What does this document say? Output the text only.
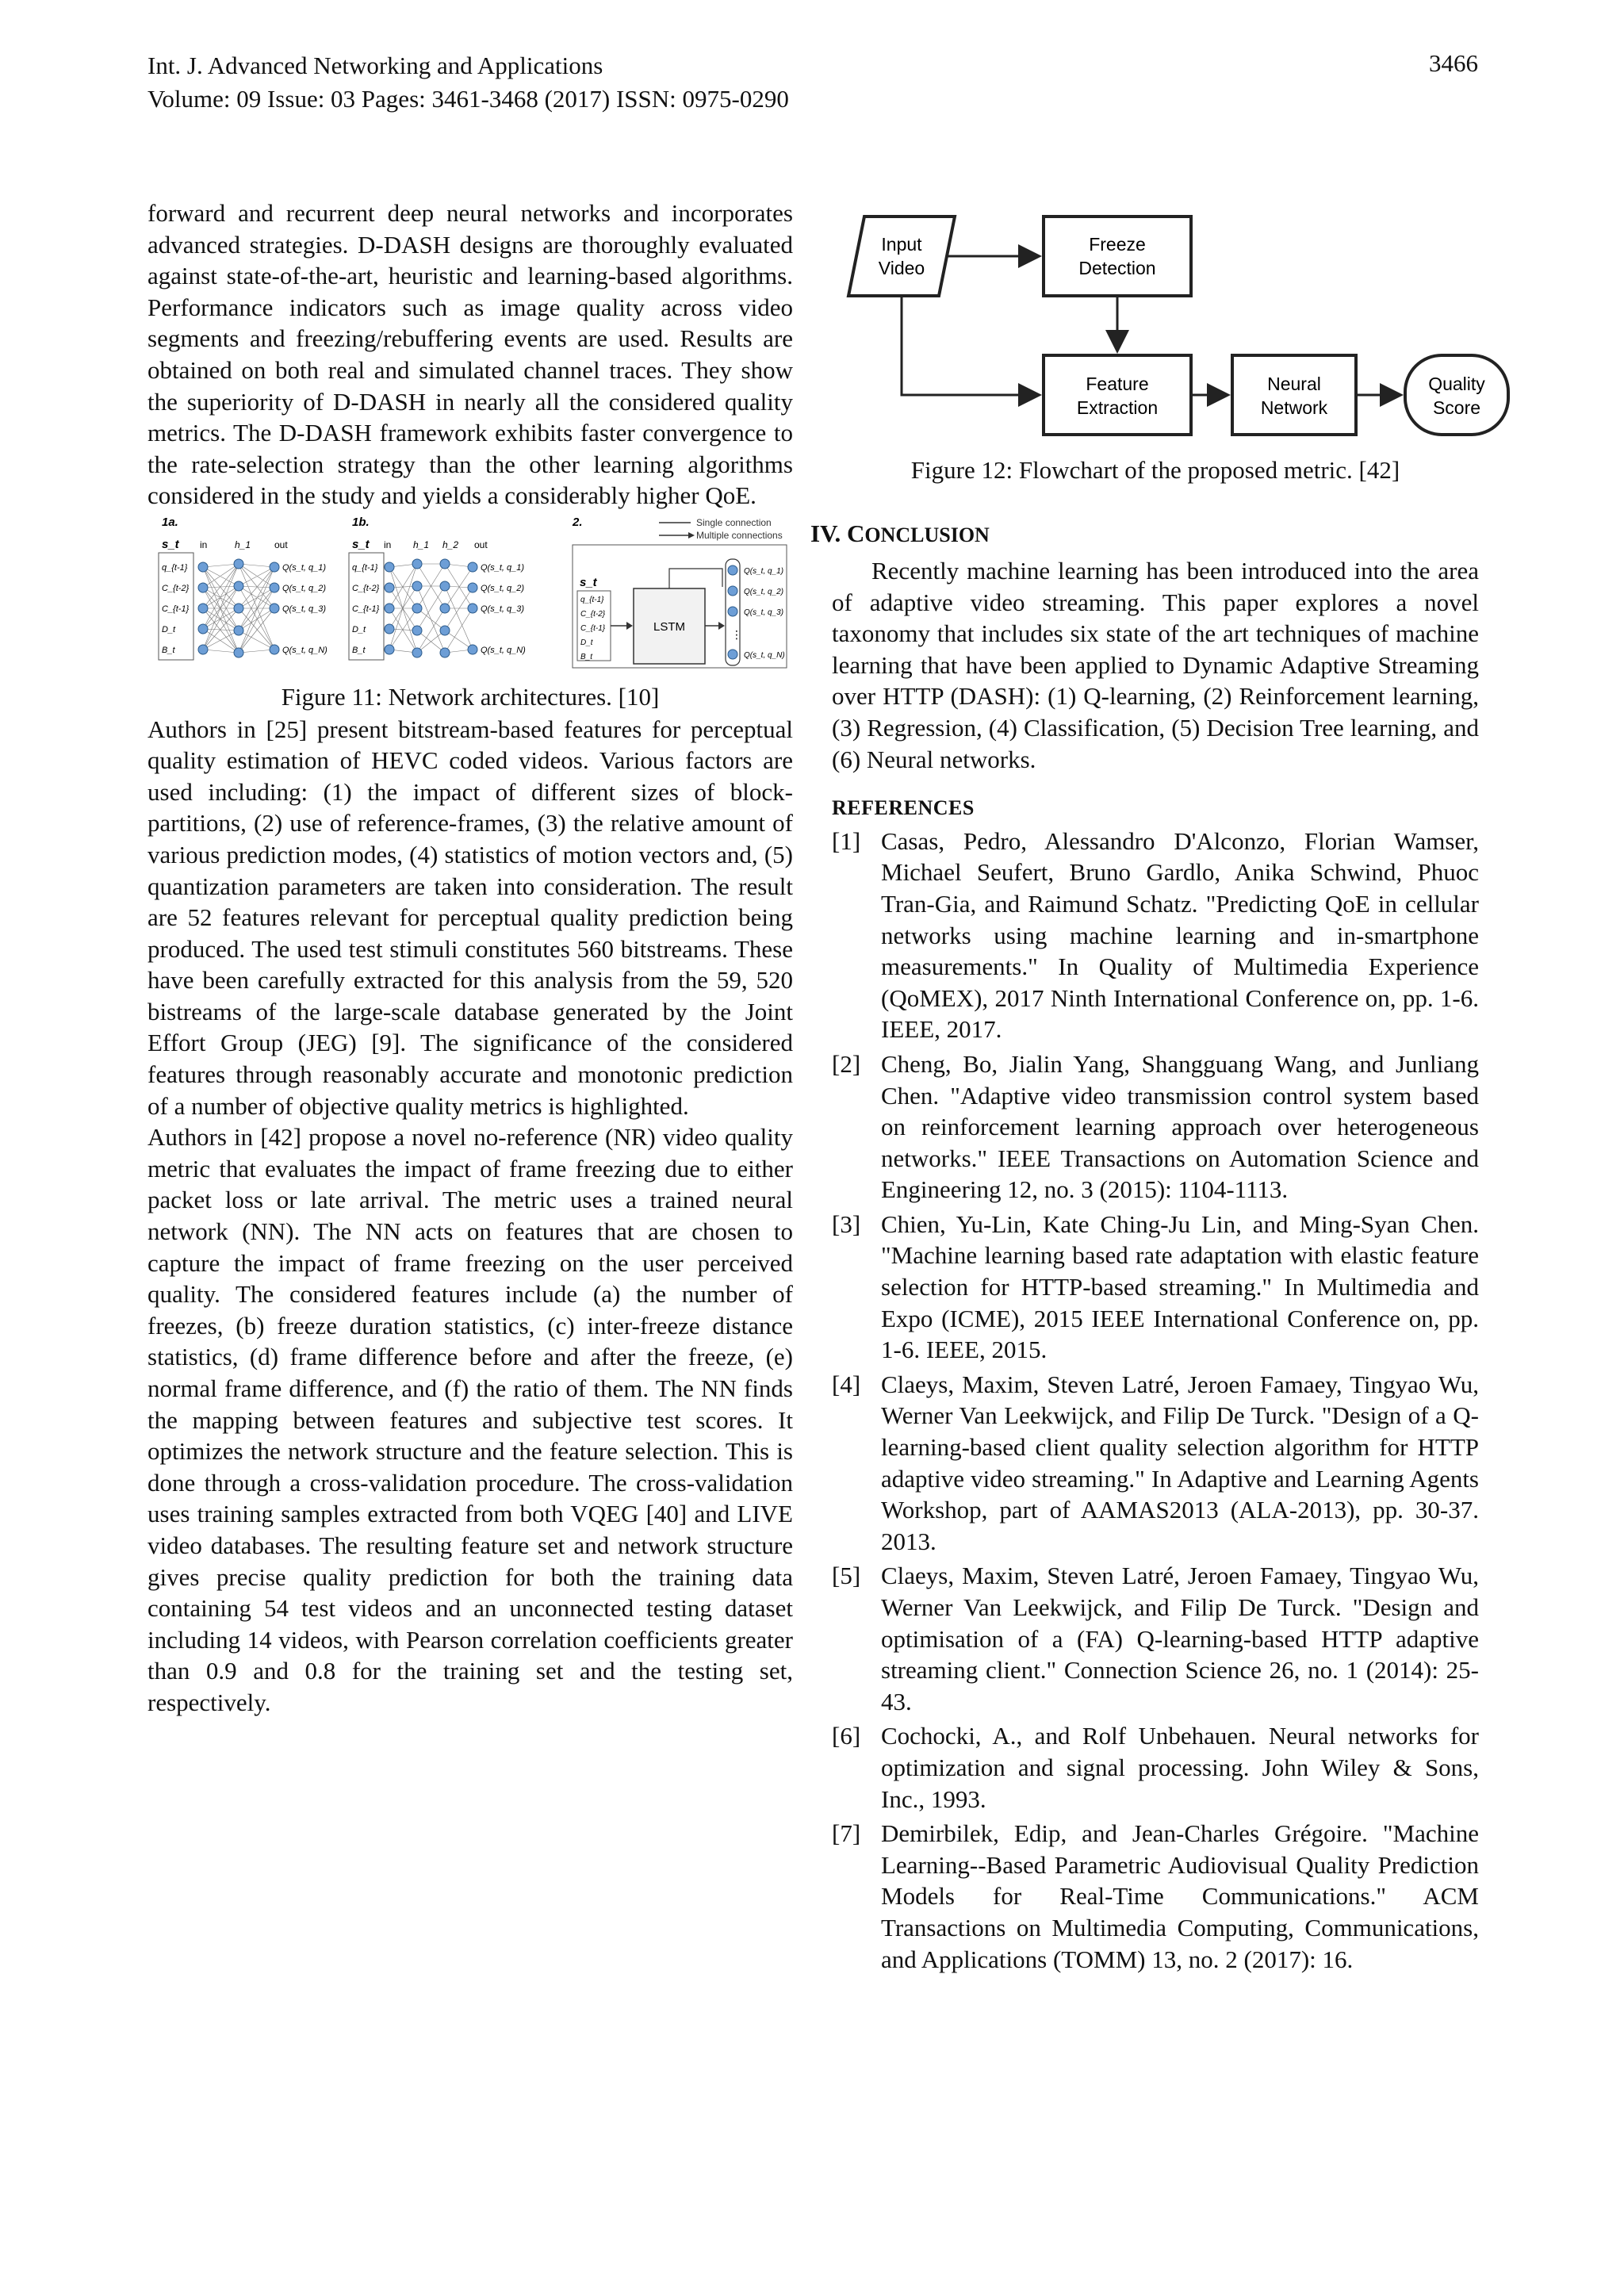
Int. J. Advanced Networking and Applications
Volume: 09 Issue: 03 Pages: 3461-3468 (2017) ISSN: 0975-0290
3466

forward and recurrent deep neural networks and incorporates advanced strategies. D-DASH designs are thoroughly evaluated against state-of-the-art, heuristic and learning-based algorithms. Performance indicators such as image quality across video segments and freezing/rebuffering events are used. Results are obtained on both real and simulated channel traces. They show the superiority of D-DASH in nearly all the considered quality metrics. The D-DASH framework exhibits faster convergence to the rate-selection strategy than the other learning algorithms considered in the study and yields a considerably higher QoE.

1a.	1b.	2.	Single connection
Multiple connections
s_t in	h_1 out
q_{t-1}
C_{t-2}
C_{t-1}
D_t
B_t
Q(s_t, q_1)
Q(s_t, q_2)
Q(s_t, q_3)
Q(s_t, q_N)
s_t in h_1 h_2 out
q_{t-1}
C_{t-2}
C_{t-1}
D_t
B_t
Q(s_t, q_1)
Q(s_t, q_2)
Q(s_t, q_3)
Q(s_t, q_N)
s_t
q_{t-1}
C_{t-2}
C_{t-1}
D_t
B_t
LSTM
⋮
Q(s_t, q_1)
Q(s_t, q_2)
Q(s_t, q_3)
Q(s_t, q_N)
Figure 11: Network architectures. [10]

Authors in [25] present bitstream-based features for perceptual quality estimation of HEVC coded videos. Various factors are used including: (1) the impact of different sizes of block-partitions, (2) use of reference-frames, (3) the relative amount of various prediction modes, (4) statistics of motion vectors and, (5) quantization parameters are taken into consideration. The result are 52 features relevant for perceptual quality prediction being produced. The used test stimuli constitutes 560 bitstreams. These have been carefully extracted for this analysis from the 59, 520 bistreams of the large-scale database generated by the Joint Effort Group (JEG) [9]. The significance of the considered features through reasonably accurate and monotonic prediction of a number of objective quality metrics is highlighted.

Authors in [42] propose a novel no-reference (NR) video quality metric that evaluates the impact of frame freezing due to either packet loss or late arrival. The metric uses a trained neural network (NN). The NN acts on features that are chosen to capture the impact of frame freezing on the user perceived quality. The considered features include (a) the number of freezes, (b) freeze duration statistics, (c) inter-freeze distance statistics, (d) frame difference before and after the freeze, (e) normal frame difference, and (f) the ratio of them. The NN finds the mapping between features and subjective test scores. It optimizes the network structure and the feature selection. This is done through a cross-validation procedure. The cross-validation uses training samples extracted from both VQEG [40] and LIVE video databases. The resulting feature set and network structure gives precise quality prediction for both the training data containing 54 test videos and an unconnected testing dataset including 14 videos, with Pearson correlation coefficients greater than 0.9 and 0.8 for the training set and the testing set, respectively.

Input
Video
Freeze
Detection
Feature
Extraction
Neural
Network
Quality
Score
Figure 12: Flowchart of the proposed metric. [42]
IV. CONCLUSION

Recently machine learning has been introduced into the area of adaptive video streaming. This paper explores a novel taxonomy that includes six state of the art techniques of machine learning that have been applied to Dynamic Adaptive Streaming over HTTP (DASH): (1) Q-learning, (2) Reinforcement learning, (3) Regression, (4) Classification, (5) Decision Tree learning, and (6) Neural networks.

REFERENCES
[1] Casas, Pedro, Alessandro D'Alconzo, Florian Wamser, Michael Seufert, Bruno Gardlo, Anika Schwind, Phuoc Tran-Gia, and Raimund Schatz. "Predicting QoE in cellular networks using machine learning and in-smartphone measurements." In Quality of Multimedia Experience (QoMEX), 2017 Ninth International Conference on, pp. 1-6. IEEE, 2017.
[2] Cheng, Bo, Jialin Yang, Shangguang Wang, and Junliang Chen. "Adaptive video transmission control system based on reinforcement learning approach over heterogeneous networks." IEEE Transactions on Automation Science and Engineering 12, no. 3 (2015): 1104-1113.
[3] Chien, Yu-Lin, Kate Ching-Ju Lin, and Ming-Syan Chen. "Machine learning based rate adaptation with elastic feature selection for HTTP-based streaming." In Multimedia and Expo (ICME), 2015 IEEE International Conference on, pp. 1-6. IEEE, 2015.
[4] Claeys, Maxim, Steven Latré, Jeroen Famaey, Tingyao Wu, Werner Van Leekwijck, and Filip De Turck. "Design of a Q-learning-based client quality selection algorithm for HTTP adaptive video streaming." In Adaptive and Learning Agents Workshop, part of AAMAS2013 (ALA-2013), pp. 30-37. 2013.
[5] Claeys, Maxim, Steven Latré, Jeroen Famaey, Tingyao Wu, Werner Van Leekwijck, and Filip De Turck. "Design and optimisation of a (FA) Q-learning-based HTTP adaptive streaming client." Connection Science 26, no. 1 (2014): 25-43.
[6] Cochocki, A., and Rolf Unbehauen. Neural networks for optimization and signal processing. John Wiley & Sons, Inc., 1993.
[7] Demirbilek, Edip, and Jean-Charles Grégoire. "Machine Learning--Based Parametric Audiovisual Quality Prediction Models for Real-Time Communications." ACM Transactions on Multimedia Computing, Communications, and Applications (TOMM) 13, no. 2 (2017): 16.
